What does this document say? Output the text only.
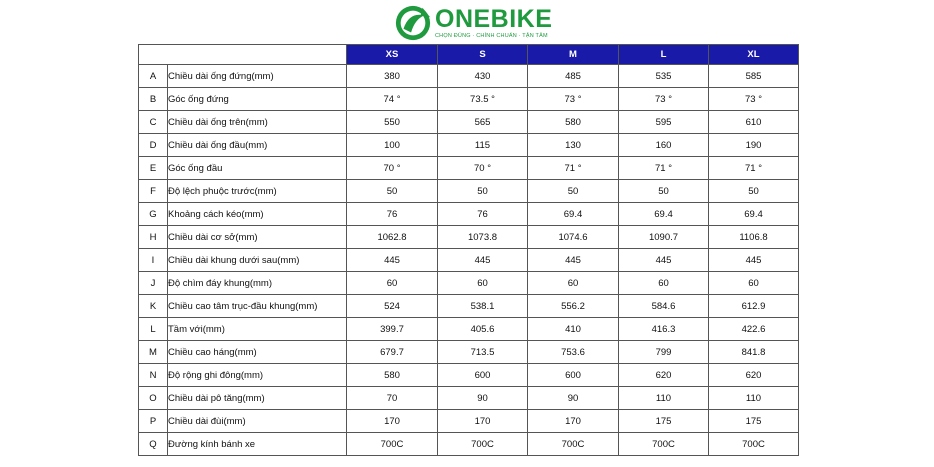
ONEBIKE
CHỌN ĐÚNG · CHÍNH CHUẨN · TẬN TÂM
		XS	S	M	L	XL
A	Chiều dài ống đứng(mm)	380	430	485	535	585
B	Góc ống đứng	74 °	73.5 °	73 °	73 °	73 °
C	Chiều dài ống trên(mm)	550	565	580	595	610
D	Chiều dài ống đầu(mm)	100	115	130	160	190
E	Góc ống đầu	70 °	70 °	71 °	71 °	71 °
F	Độ lệch phuộc trước(mm)	50	50	50	50	50
G	Khoảng cách kéo(mm)	76	76	69.4	69.4	69.4
H	Chiều dài cơ sở(mm)	1062.8	1073.8	1074.6	1090.7	1106.8
I	Chiều dài khung dưới sau(mm)	445	445	445	445	445
J	Độ chìm đáy khung(mm)	60	60	60	60	60
K	Chiều cao tâm trục-đầu khung(mm)	524	538.1	556.2	584.6	612.9
L	Tầm với(mm)	399.7	405.6	410	416.3	422.6
M	Chiều cao háng(mm)	679.7	713.5	753.6	799	841.8
N	Độ rộng ghi đông(mm)	580	600	600	620	620
O	Chiều dài pô tăng(mm)	70	90	90	110	110
P	Chiều dài đùi(mm)	170	170	170	175	175
Q	Đường kính bánh xe	700C	700C	700C	700C	700C
